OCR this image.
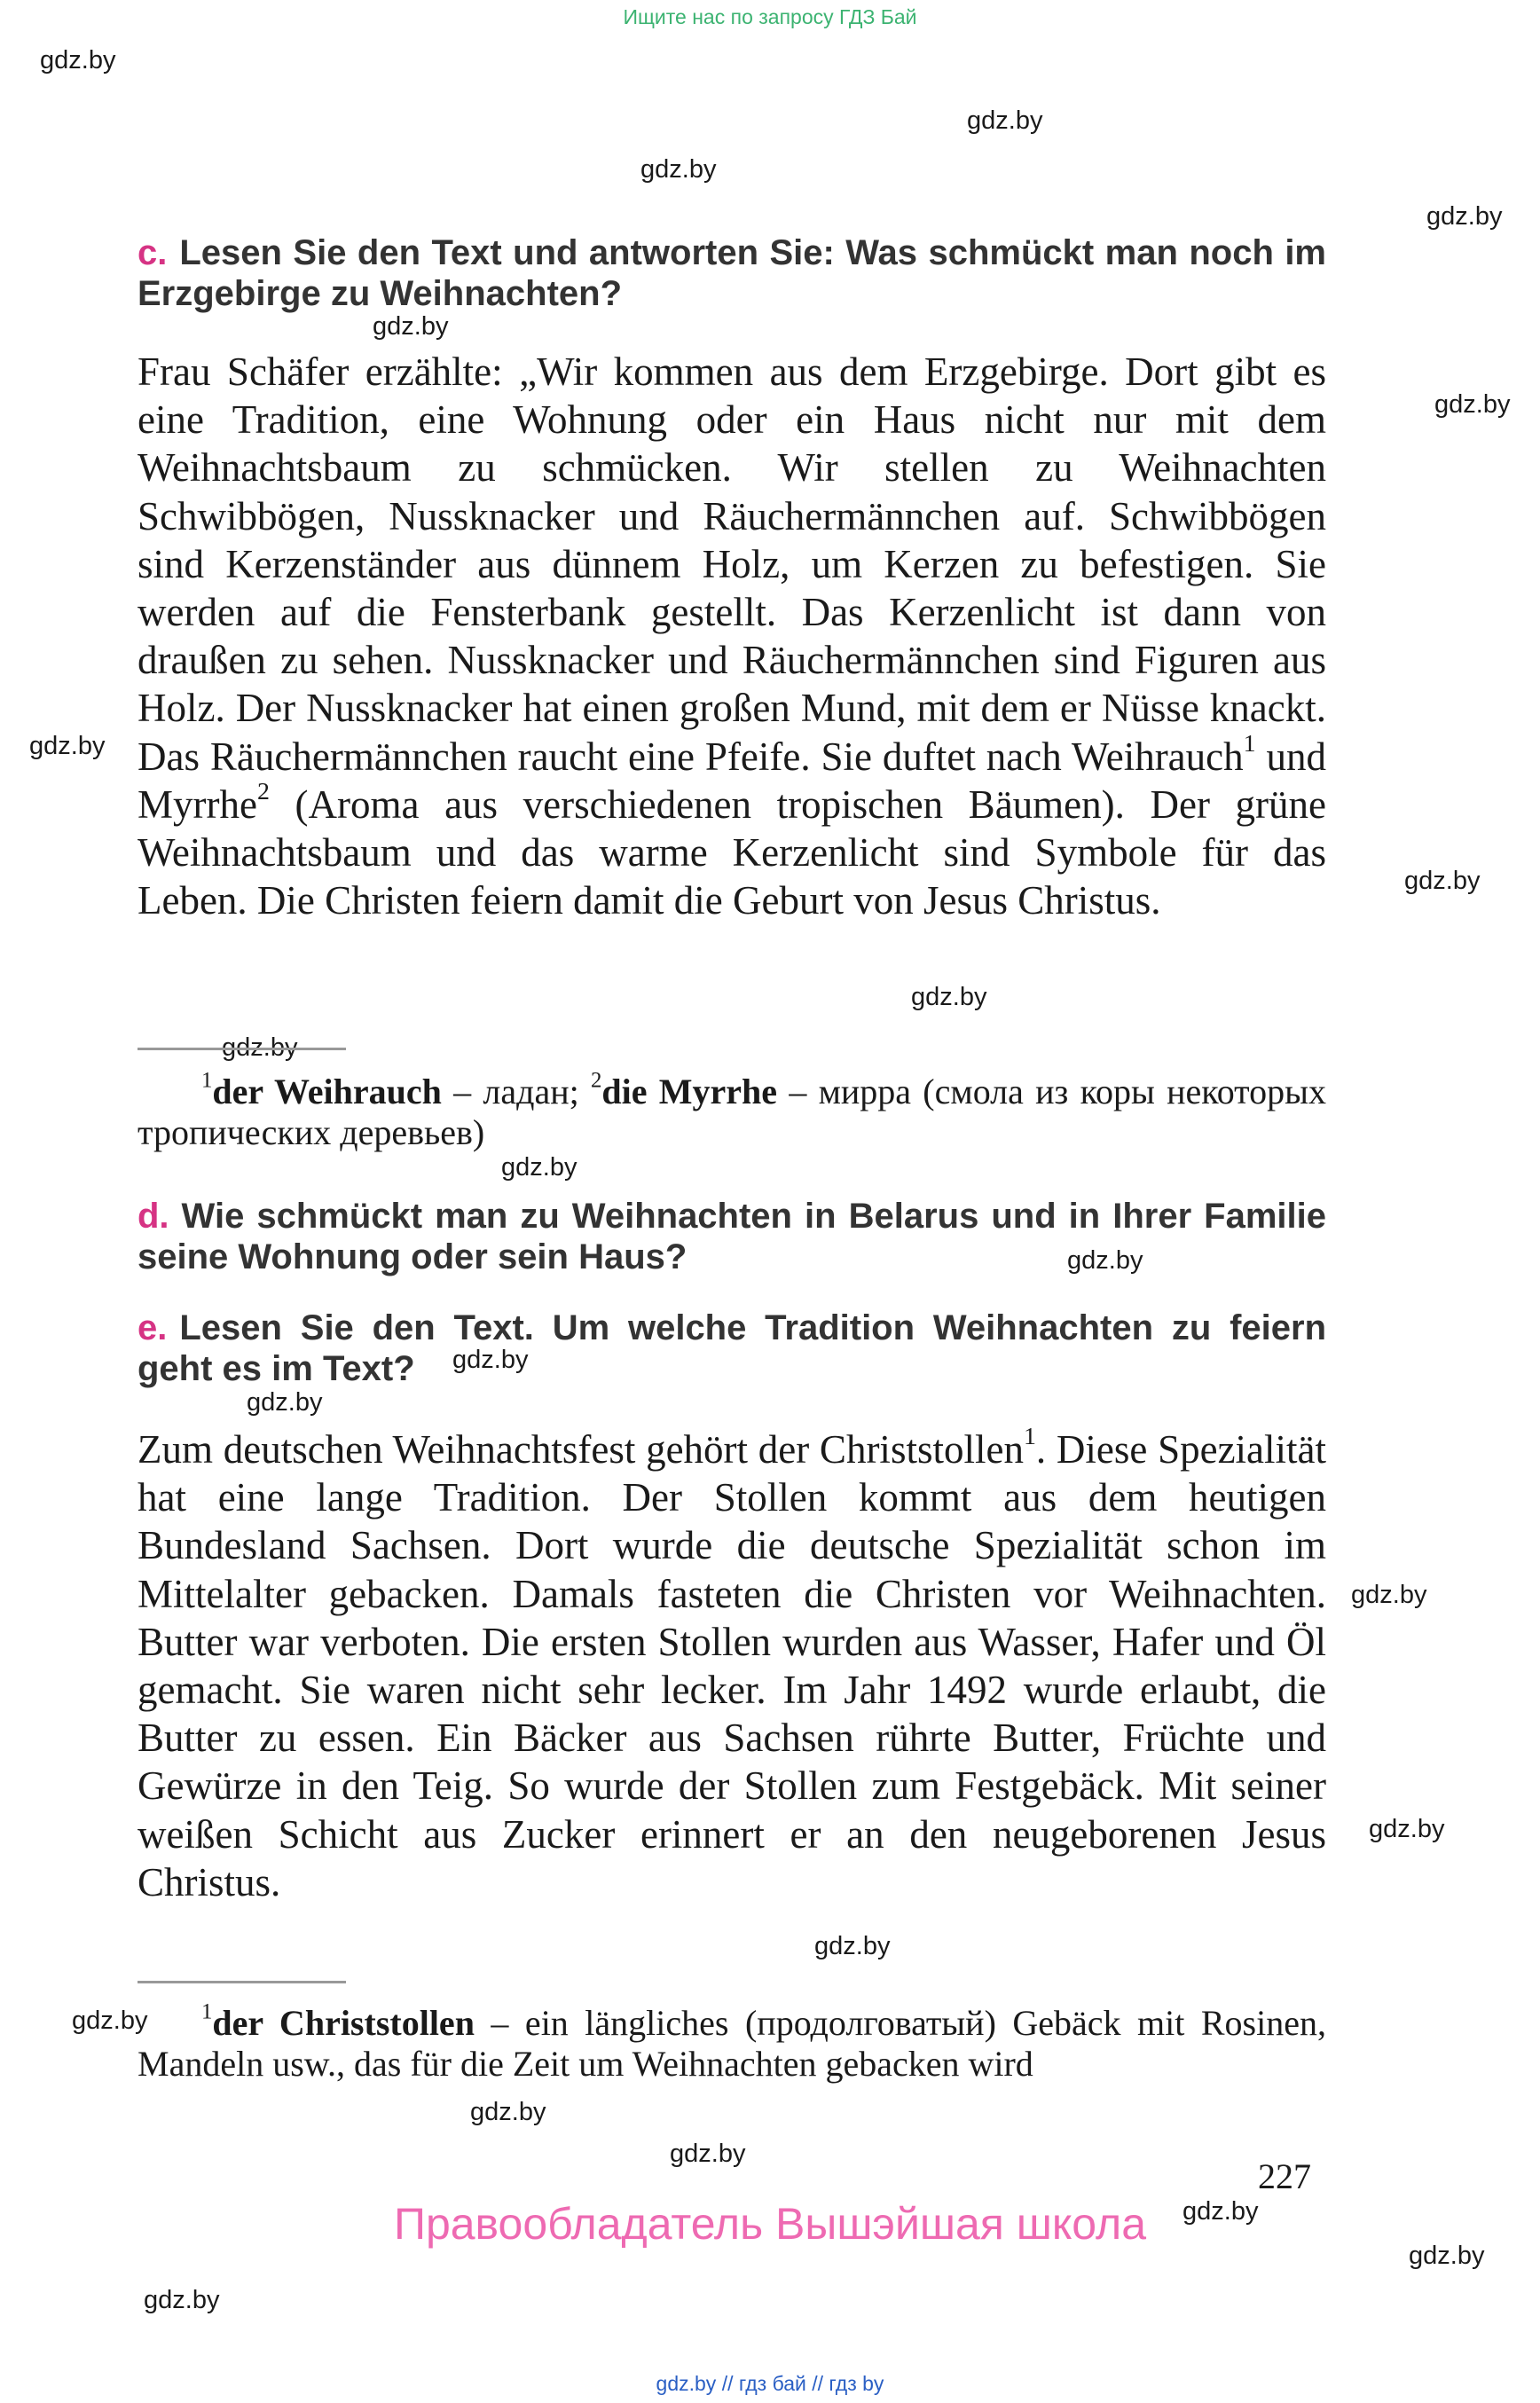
Ищите нас по запросу ГДЗ Бай
gdz.by
gdz.by
gdz.by
gdz.by
gdz.by
gdz.by
gdz.by
gdz.by
gdz.by
gdz.by
gdz.by
gdz.by
gdz.by
gdz.by
gdz.by
gdz.by
gdz.by
gdz.by
gdz.by
gdz.by
gdz.by
gdz.by
gdz.by
c. Lesen Sie den Text und antworten Sie: Was schmückt man noch im Erzgebirge zu Weihnachten?

Frau Schäfer erzählte: „Wir kommen aus dem Erzgebirge. Dort gibt es eine Tradition, eine Wohnung oder ein Haus nicht nur mit dem Weihnachtsbaum zu schmücken. Wir stellen zu Weihnachten Schwibbögen, Nussknacker und Räuchermännchen auf. Schwibbögen sind Kerzenständer aus dünnem Holz, um Kerzen zu befestigen. Sie werden auf die Fensterbank gestellt. Das Kerzenlicht ist dann von draußen zu sehen. Nussknacker und Räuchermännchen sind Figuren aus Holz. Der Nussknacker hat einen großen Mund, mit dem er Nüsse knackt. Das Räuchermännchen raucht eine Pfeife. Sie duftet nach Weihrauch$^1$ und Myrrhe$^2$ (Aroma aus verschiedenen tropischen Bäumen). Der grüne Weihnachtsbaum und das warme Kerzenlicht sind Symbole für das Leben. Die Christen feiern damit die Geburt von Jesus Christus.

$^1$der Weihrauch – ладан; $^2$die Myrrhe – мирра (смола из коры некоторых тропических деревьев)

d. Wie schmückt man zu Weihnachten in Belarus und in Ihrer Familie seine Wohnung oder sein Haus?
e. Lesen Sie den Text. Um welche Tradition Weihnachten zu feiern geht es im Text?

Zum deutschen Weihnachtsfest gehört der Christstollen$^1$. Diese Spezialität hat eine lange Tradition. Der Stollen kommt aus dem heutigen Bundesland Sachsen. Dort wurde die deutsche Spezialität schon im Mittelalter gebacken. Damals fasteten die Christen vor Weihnachten. Butter war verboten. Die ersten Stollen wurden aus Wasser, Hafer und Öl gemacht. Sie waren nicht sehr lecker. Im Jahr 1492 wurde erlaubt, die Butter zu essen. Ein Bäcker aus Sachsen rührte Butter, Früchte und Gewürze in den Teig. So wurde der Stollen zum Festgebäck. Mit seiner weißen Schicht aus Zucker erinnert er an den neugeborenen Jesus Christus.

$^1$der Christstollen – ein längliches (продолговатый) Gebäck mit Rosinen, Mandeln usw., das für die Zeit um Weihnachten gebacken wird

227
Правообладатель Вышэйшая школа
gdz.by // гдз бай // гдз by
